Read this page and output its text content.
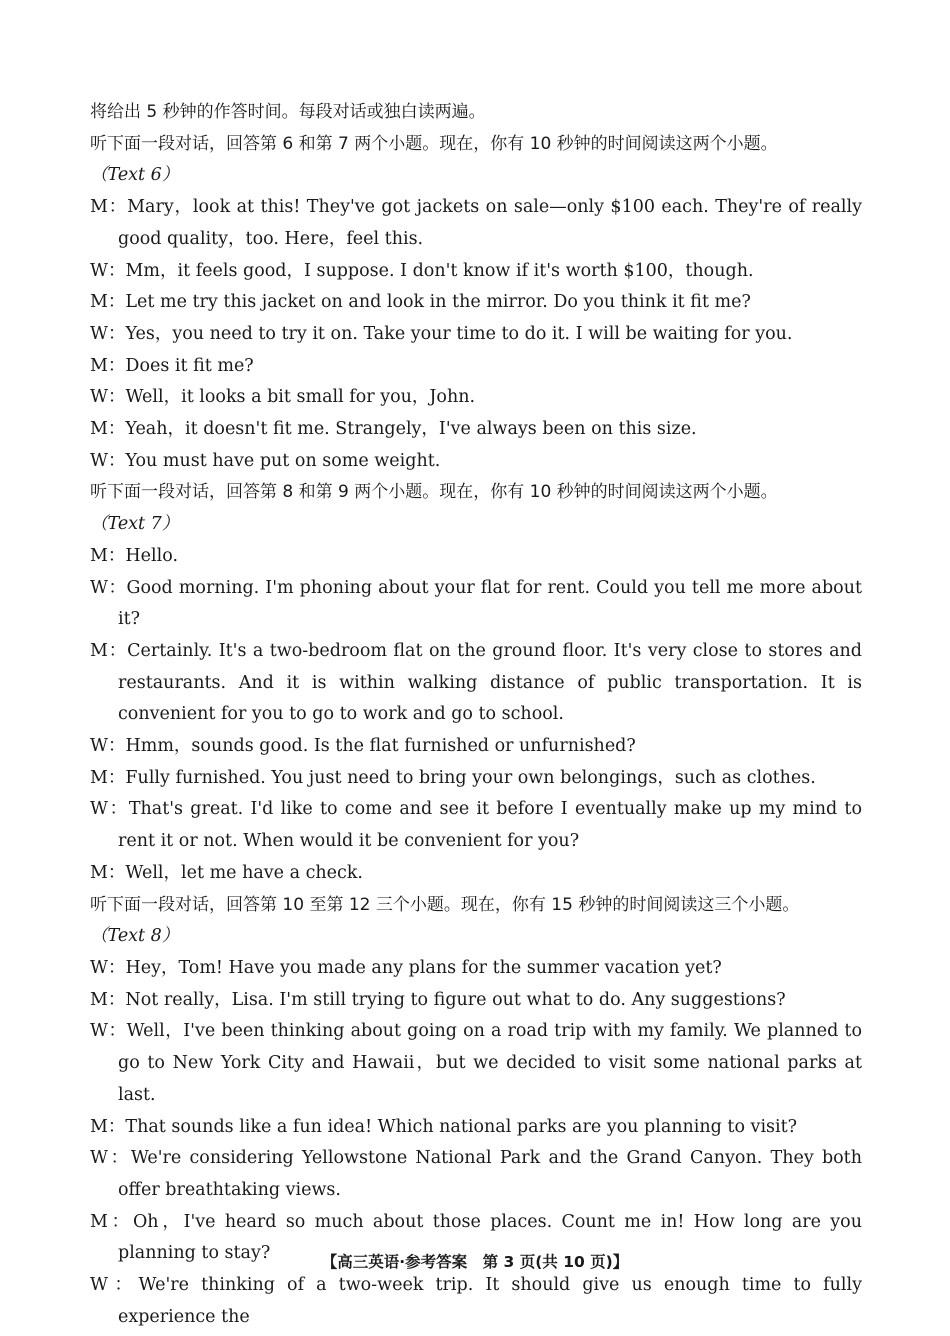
将给出 5 秒钟的作答时间。每段对话或独白读两遍。
听下面一段对话，回答第 6 和第 7 两个小题。现在，你有 10 秒钟的时间阅读这两个小题。
（Text 6）
M：Mary，look at this! They've got jackets on sale—only $100 each. They're of really good quality，too. Here，feel this.
W：Mm，it feels good，I suppose. I don't know if it's worth $100，though.
M：Let me try this jacket on and look in the mirror. Do you think it fit me?
W：Yes，you need to try it on. Take your time to do it. I will be waiting for you.
M：Does it fit me?
W：Well，it looks a bit small for you，John.
M：Yeah，it doesn't fit me. Strangely，I've always been on this size.
W：You must have put on some weight.
听下面一段对话，回答第 8 和第 9 两个小题。现在，你有 10 秒钟的时间阅读这两个小题。
（Text 7）
M：Hello.
W：Good morning. I'm phoning about your flat for rent. Could you tell me more about it?
M：Certainly. It's a two-bedroom flat on the ground floor. It's very close to stores and restaurants. And it is within walking distance of public transportation. It is convenient for you to go to work and go to school.
W：Hmm，sounds good. Is the flat furnished or unfurnished?
M：Fully furnished. You just need to bring your own belongings，such as clothes.
W：That's great. I'd like to come and see it before I eventually make up my mind to rent it or not. When would it be convenient for you?
M：Well，let me have a check.
听下面一段对话，回答第 10 至第 12 三个小题。现在，你有 15 秒钟的时间阅读这三个小题。
（Text 8）
W：Hey，Tom! Have you made any plans for the summer vacation yet?
M：Not really，Lisa. I'm still trying to figure out what to do. Any suggestions?
W：Well，I've been thinking about going on a road trip with my family. We planned to go to New York City and Hawaii，but we decided to visit some national parks at last.
M：That sounds like a fun idea! Which national parks are you planning to visit?
W：We're considering Yellowstone National Park and the Grand Canyon. They both offer breathtaking views.
M：Oh，I've heard so much about those places. Count me in! How long are you planning to stay?
W：We're thinking of a two-week trip. It should give us enough time to fully experience the
【高三英语·参考答案　第 3 页(共 10 页)】
